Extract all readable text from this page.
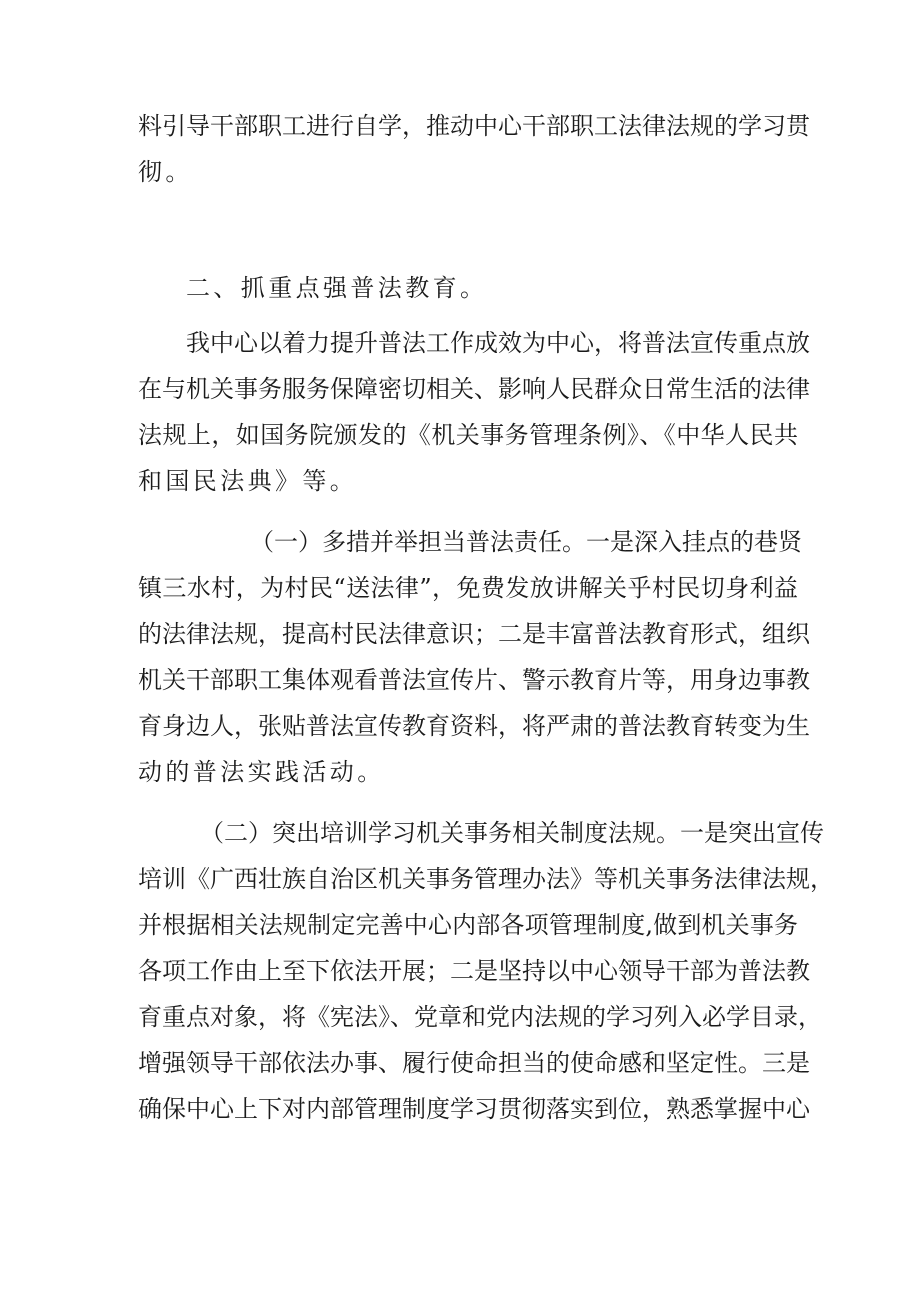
料引导干部职工进行自学，推动中心干部职工法律法规的学习贯
彻。
二、抓重点强普法教育。
我中心以着力提升普法工作成效为中心，将普法宣传重点放
在与机关事务服务保障密切相关、影响人民群众日常生活的法律
法规上，如国务院颁发的《机关事务管理条例》、《中华人民共
和国民法典》等。
（一）多措并举担当普法责任。一是深入挂点的巷贤
镇三水村，为村民“送法律”，免费发放讲解关乎村民切身利益
的法律法规，提高村民法律意识；二是丰富普法教育形式，组织
机关干部职工集体观看普法宣传片、警示教育片等，用身边事教
育身边人，张贴普法宣传教育资料，将严肃的普法教育转变为生
动的普法实践活动。
（二）突出培训学习机关事务相关制度法规。一是突出宣传
培训《广西壮族自治区机关事务管理办法》等机关事务法律法规，
并根据相关法规制定完善中心内部各项管理制度,做到机关事务
各项工作由上至下依法开展；二是坚持以中心领导干部为普法教
育重点对象，将《宪法》、党章和党内法规的学习列入必学目录，
增强领导干部依法办事、履行使命担当的使命感和坚定性。三是
确保中心上下对内部管理制度学习贯彻落实到位，熟悉掌握中心
